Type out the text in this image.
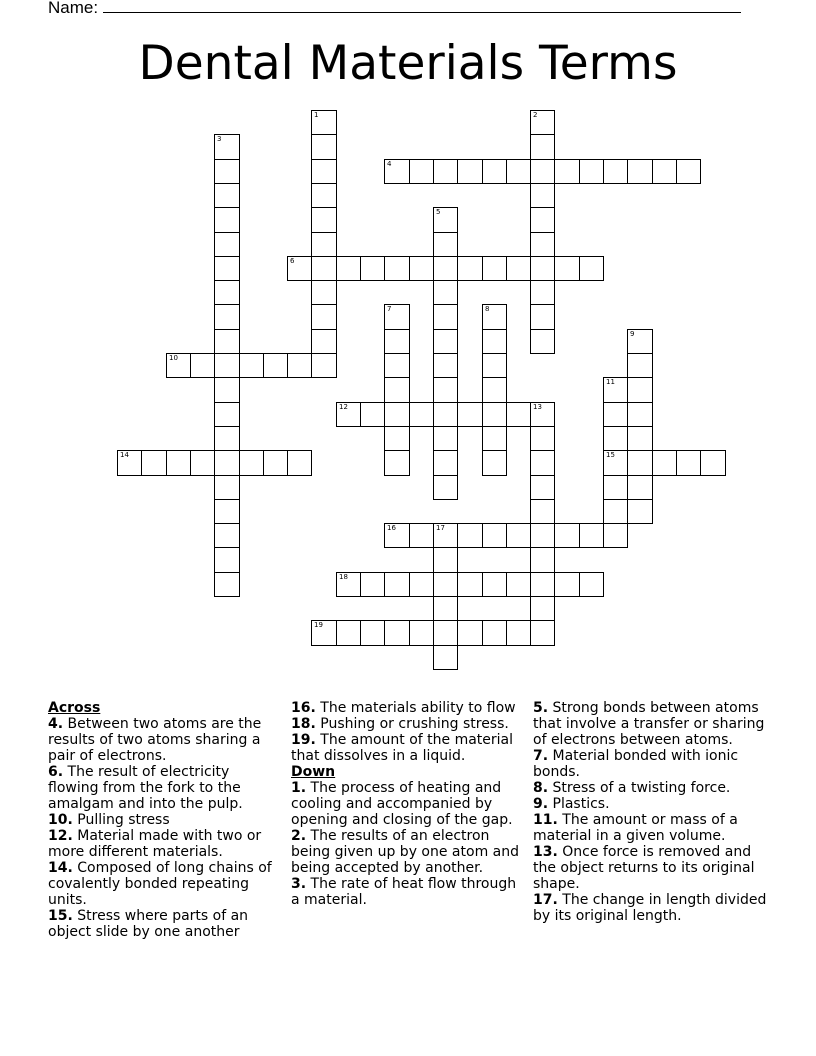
Name:
Dental Materials Terms
1	2
3
4
5
6
7	8
9
10
11
15
12	13
14
16	17
18
19

Across

4. Between two atoms are the results of two atoms sharing a pair of electrons.

6. The result of electricity flowing from the fork to the amalgam and into the pulp.

10. Pulling stress

12. Material made with two or more different materials.

14. Composed of long chains of covalently bonded repeating units.

15. Stress where parts of an object slide by one another

16. The materials ability to flow

18. Pushing or crushing stress.

19. The amount of the material that dissolves in a liquid.

Down

1. The process of heating and cooling and accompanied by opening and closing of the gap.

2. The results of an electron being given up by one atom and being accepted by another.

3. The rate of heat flow through a material.

5. Strong bonds between atoms that involve a transfer or sharing of electrons between atoms.

7. Material bonded with ionic bonds.

8. Stress of a twisting force.

9. Plastics.

11. The amount or mass of a material in a given volume.

13. Once force is removed and the object returns to its original shape.

17. The change in length divided by its original length.
